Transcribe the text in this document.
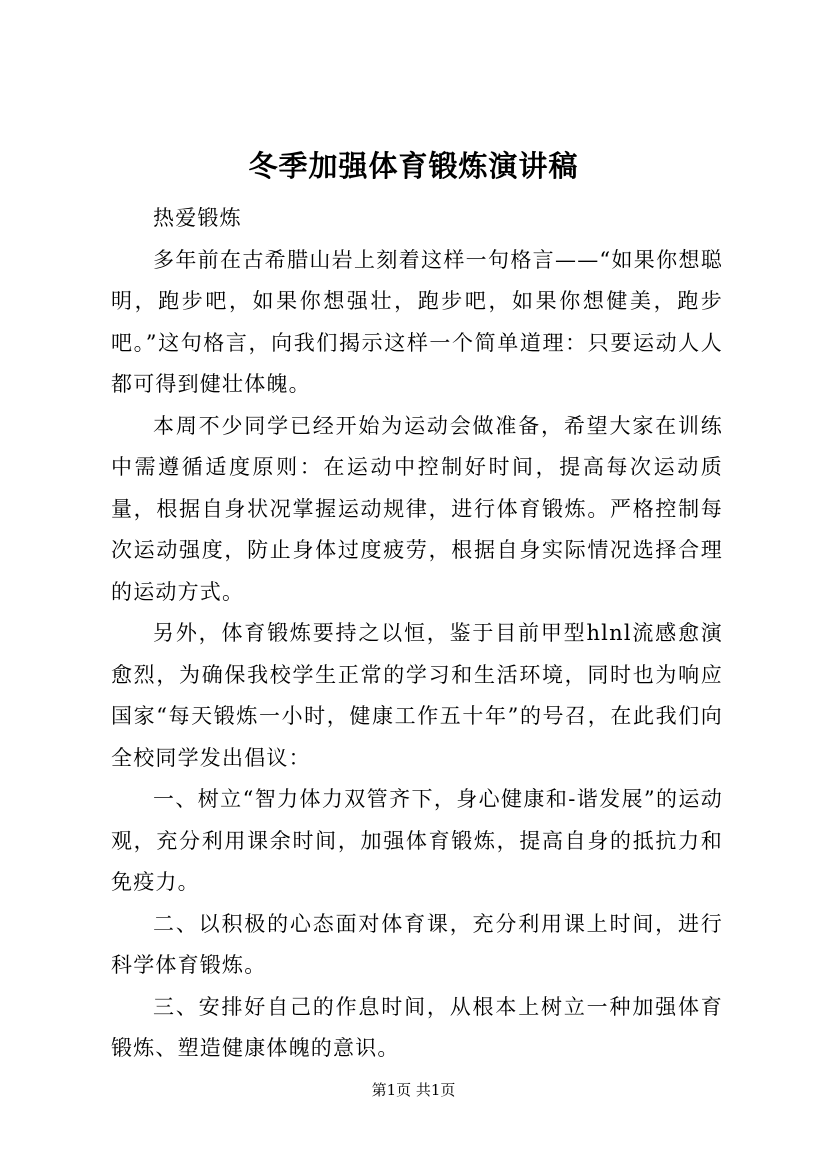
冬季加强体育锻炼演讲稿

热爱锻炼

多年前在古希腊山岩上刻着这样一句格言——“如果你想聪明，跑步吧，如果你想强壮，跑步吧，如果你想健美，跑步吧。”这句格言，向我们揭示这样一个简单道理：只要运动人人都可得到健壮体魄。

本周不少同学已经开始为运动会做准备，希望大家在训练中需遵循适度原则：在运动中控制好时间，提高每次运动质量，根据自身状况掌握运动规律，进行体育锻炼。严格控制每次运动强度，防止身体过度疲劳，根据自身实际情况选择合理的运动方式。

另外，体育锻炼要持之以恒，鉴于目前甲型hlnl流感愈演愈烈，为确保我校学生正常的学习和生活环境，同时也为响应国家“每天锻炼一小时，健康工作五十年”的号召，在此我们向全校同学发出倡议：

一、树立“智力体力双管齐下，身心健康和-谐发展”的运动观，充分利用课余时间，加强体育锻炼，提高自身的抵抗力和免疫力。

二、以积极的心态面对体育课，充分利用课上时间，进行科学体育锻炼。

三、安排好自己的作息时间，从根本上树立一种加强体育锻炼、塑造健康体魄的意识。

第1页 共1页
